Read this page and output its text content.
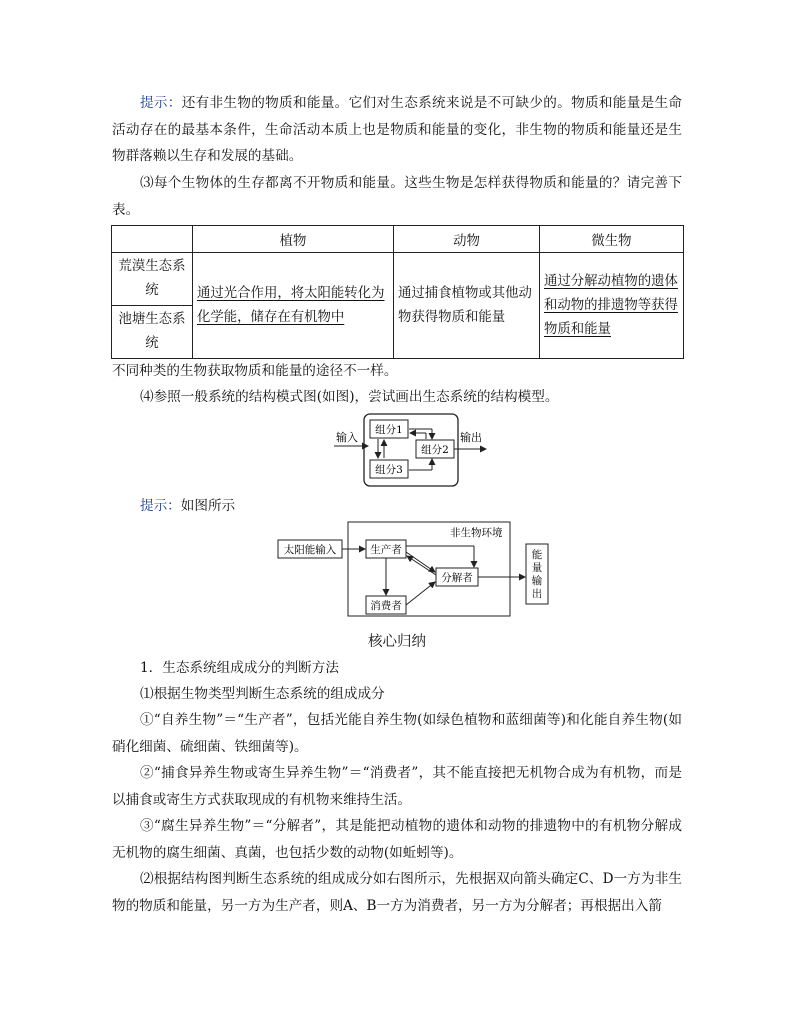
提示：还有非生物的物质和能量。它们对生态系统来说是不可缺少的。物质和能量是生命活动存在的最基本条件，生命活动本质上也是物质和能量的变化，非生物的物质和能量还是生物群落赖以生存和发展的基础。
⑶每个生物体的生存都离不开物质和能量。这些生物是怎样获得物质和能量的？请完善下表。
	植物	动物	微生物
荒漠生态系统	通过光合作用，将太阳能转化为化学能，储存在有机物中	通过捕食植物或其他动物获得物质和能量	通过分解动植物的遗体和动物的排遗物等获得物质和能量
池塘生态系统			
不同种类的生物获取物质和能量的途径不一样。
⑷参照一般系统的结构模式图(如图)，尝试画出生态系统的结构模型。
组分1
组分2
组分3
输入	输出
提示：如图所示
非生物环境
太阳能输入	生产者
分解者
消费者
能
量
输
出
核心归纳
1．生态系统组成成分的判断方法
⑴根据生物类型判断生态系统的组成成分
①“自养生物”＝“生产者”，包括光能自养生物(如绿色植物和蓝细菌等)和化能自养生物(如硝化细菌、硫细菌、铁细菌等)。
②“捕食异养生物或寄生异养生物”＝“消费者”，其不能直接把无机物合成为有机物，而是以捕食或寄生方式获取现成的有机物来维持生活。
③“腐生异养生物”＝“分解者”，其是能把动植物的遗体和动物的排遗物中的有机物分解成无机物的腐生细菌、真菌，也包括少数的动物(如蚯蚓等)。
⑵根据结构图判断生态系统的组成成分如右图所示，先根据双向箭头确定C、D一方为非生物的物质和能量，另一方为生产者，则A、B一方为消费者，另一方为分解者；再根据出入箭
